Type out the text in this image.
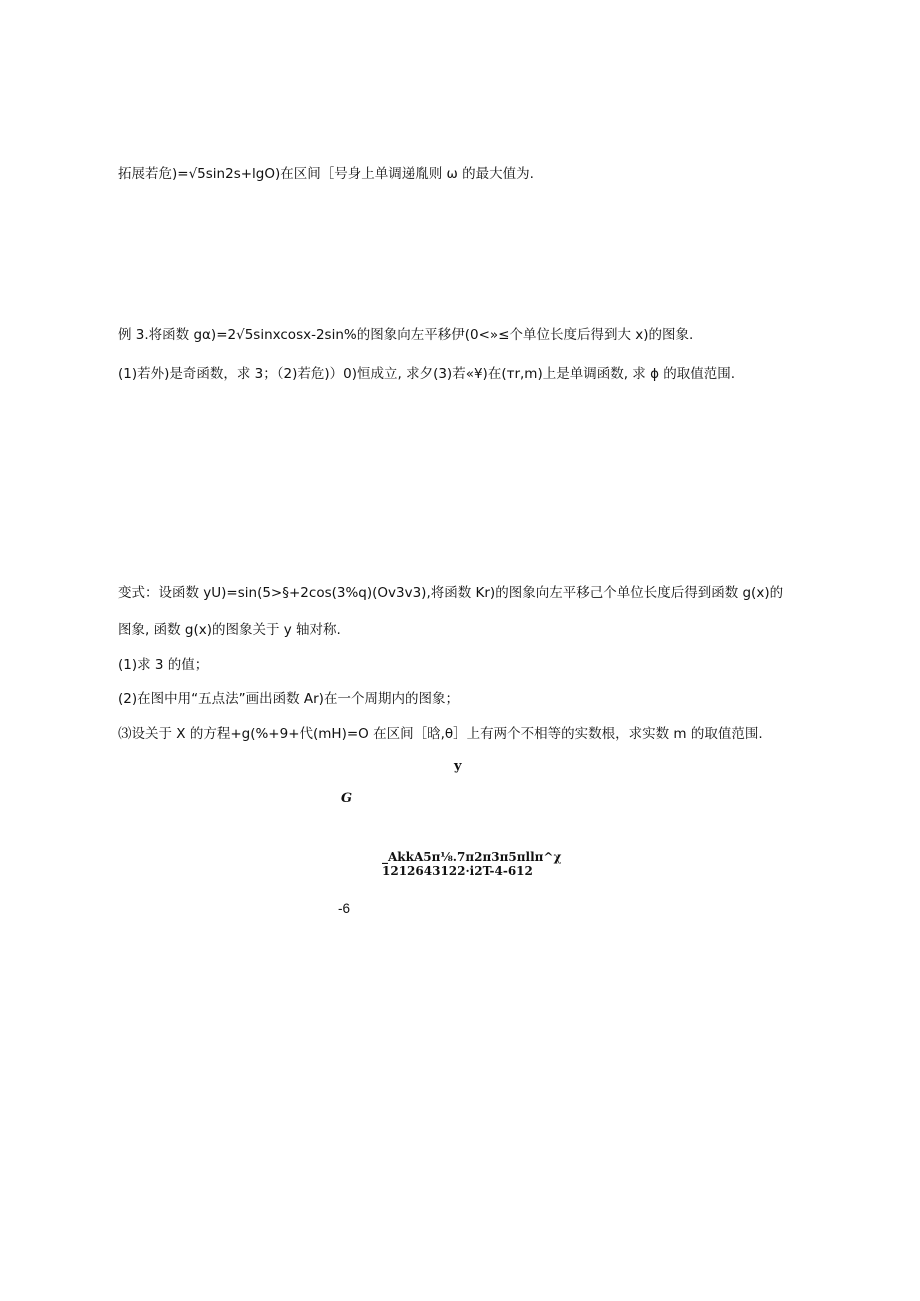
拓展若危)=√5sin2s+lgO)在区间［号身上单调递胤则 ω 的最大值为.
例 3.将函数 gα)=2√5sinxcosx-2sin%的图象向左平移伊(0<»≤个单位长度后得到大 x)的图象.
(1)若外)是奇函数，求 3；（2)若危)）0)恒成立, 求夕(3)若«¥)在(тr,m)上是单调函数, 求 ϕ 的取值范围.
变式：设函数 yU)=sin(5>§+2cos(3%q)(Ov3v3),将函数 Kr)的图象向左平移己个单位长度后得到函数 g(x)的
图象, 函数 g(x)的图象关于 y 轴对称.
(1)求 3 的值；
(2)在图中用“五点法”画出函数 Ar)在一个周期内的图象；
⑶设关于 X 的方程+g(%+9+代(mH)=O 在区间［晗,θ］上有两个不相等的实数根，求实数 m 的取值范围.
y
G
_AkkA5π⅛.7π2π3π5πllπ^χ
1212643122·i2T-4-612
-6
